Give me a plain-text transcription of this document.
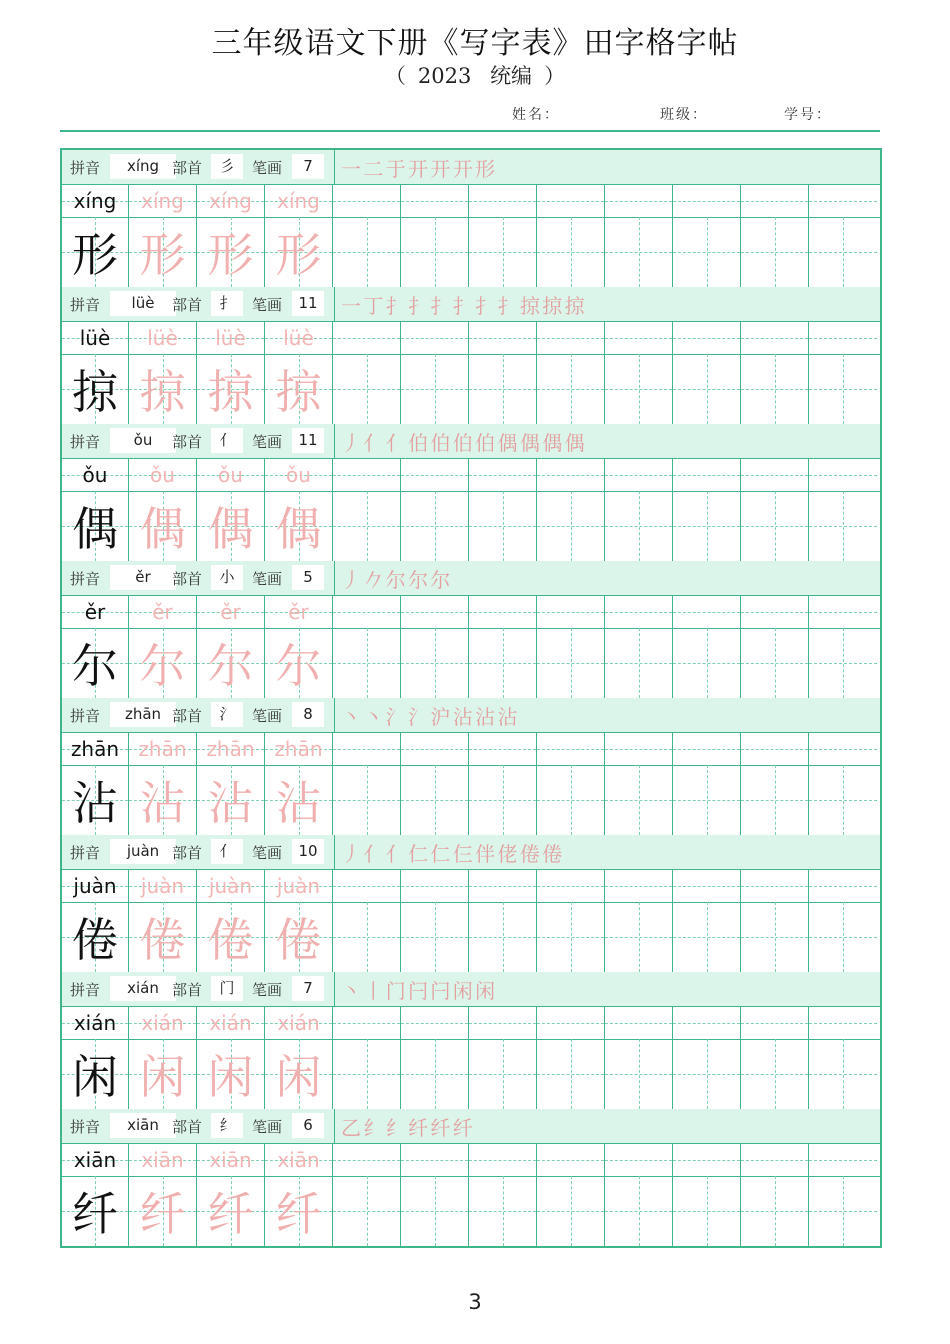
三年级语文下册《写字表》田字格字帖
（ 2023 统编 ）
姓名：	班级：	学号：
拼音	xíng 部首	彡	笔画	7	一 二 于 开 开 开 形
xíng xíng xíng xíng
形 形 形 形
拼音	lüè	部首	扌	笔画	11	一 丁 扌 扌 扌 扌 扌 扌 掠 掠 掠
lüè lüè lüè lüè
掠 掠 掠 掠
拼音	ǒu	部首	亻	笔画	11	丿 亻 亻 伯 伯 伯 伯 偶 偶 偶 偶
ǒu ǒu ǒu ǒu
偶 偶 偶 偶
拼音	ěr	部首	小	笔画	5	丿 𠂊 尔 尔 尔
ěr ěr ěr ěr
尔 尔 尔 尔
拼音	zhān 部首	氵	笔画	8	丶 丶 氵 氵 沪 沾 沾 沾
zhān zhān zhān zhān
沾 沾 沾 沾
拼音	juàn 部首	亻	笔画	10	丿 亻 亻 仁 仁 仨 伴 佬 倦 倦
juàn juàn juàn juàn
倦 倦 倦 倦
拼音	xián 部首	门	笔画	7	丶 丨 门 闩 闩 闲 闲
xián xián xián xián
闲 闲 闲 闲
拼音	xiān 部首	纟	笔画	6	乙 纟 纟 纤 纤 纤
xiān xiān xiān xiān
纤 纤 纤 纤
3
